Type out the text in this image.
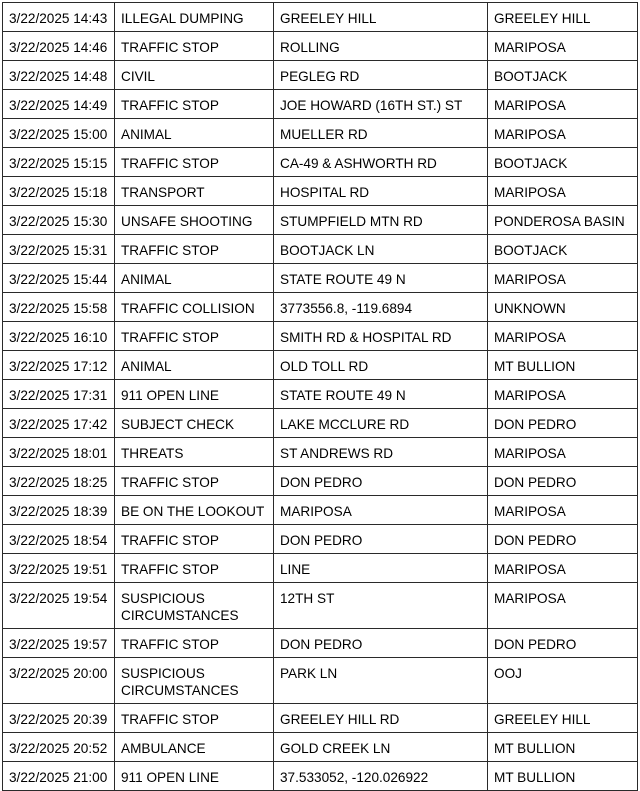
3/22/2025 14:43	ILLEGAL DUMPING	GREELEY HILL	GREELEY HILL
3/22/2025 14:46	TRAFFIC STOP	ROLLING	MARIPOSA
3/22/2025 14:48	CIVIL	PEGLEG RD	BOOTJACK
3/22/2025 14:49	TRAFFIC STOP	JOE HOWARD (16TH ST.) ST	MARIPOSA
3/22/2025 15:00	ANIMAL	MUELLER RD	MARIPOSA
3/22/2025 15:15	TRAFFIC STOP	CA-49 & ASHWORTH RD	BOOTJACK
3/22/2025 15:18	TRANSPORT	HOSPITAL RD	MARIPOSA
3/22/2025 15:30	UNSAFE SHOOTING	STUMPFIELD MTN RD	PONDEROSA BASIN
3/22/2025 15:31	TRAFFIC STOP	BOOTJACK LN	BOOTJACK
3/22/2025 15:44	ANIMAL	STATE ROUTE 49 N	MARIPOSA
3/22/2025 15:58	TRAFFIC COLLISION	3773556.8, -119.6894	UNKNOWN
3/22/2025 16:10	TRAFFIC STOP	SMITH RD & HOSPITAL RD	MARIPOSA
3/22/2025 17:12	ANIMAL	OLD TOLL RD	MT BULLION
3/22/2025 17:31	911 OPEN LINE	STATE ROUTE 49 N	MARIPOSA
3/22/2025 17:42	SUBJECT CHECK	LAKE MCCLURE RD	DON PEDRO
3/22/2025 18:01	THREATS	ST ANDREWS RD	MARIPOSA
3/22/2025 18:25	TRAFFIC STOP	DON PEDRO	DON PEDRO
3/22/2025 18:39	BE ON THE LOOKOUT	MARIPOSA	MARIPOSA
3/22/2025 18:54	TRAFFIC STOP	DON PEDRO	DON PEDRO
3/22/2025 19:51	TRAFFIC STOP	LINE	MARIPOSA
3/22/2025 19:54	SUSPICIOUS CIRCUMSTANCES	12TH ST	MARIPOSA
3/22/2025 19:57	TRAFFIC STOP	DON PEDRO	DON PEDRO
3/22/2025 20:00	SUSPICIOUS CIRCUMSTANCES	PARK LN	OOJ
3/22/2025 20:39	TRAFFIC STOP	GREELEY HILL RD	GREELEY HILL
3/22/2025 20:52	AMBULANCE	GOLD CREEK LN	MT BULLION
3/22/2025 21:00	911 OPEN LINE	37.533052, -120.026922	MT BULLION
